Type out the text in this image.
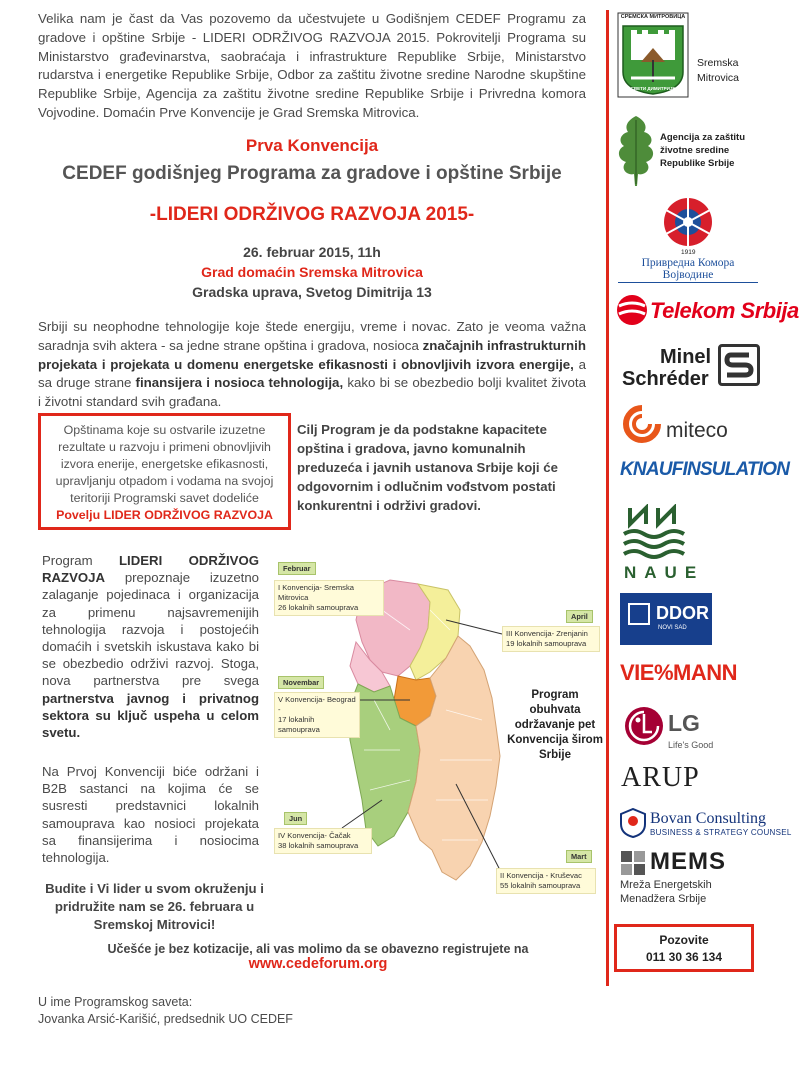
Velika nam je čast da Vas pozovemo da učestvujete u Godišnjem CEDEF Programu za gradove i opštine Srbije - LIDERI ODRŽIVOG RAZVOJA 2015. Pokrovitelji Programa su Ministarstvo građevinarstva, saobraćaja i infrastrukture Republike Srbije, Ministarstvo rudarstva i energetike Republike Srbije, Odbor za zaštitu životne sredine Narodne skupštine Republike Srbije, Agencija za zaštitu životne sredine Republike Srbije i Privredna komora Vojvodine. Domaćin Prve Konvencije je Grad Sremska Mitrovica.

Prva Konvencija
CEDEF godišnjeg Programa za gradove i opštine Srbije
-LIDERI ODRŽIVOG RAZVOJA 2015-
26. februar 2015, 11h
Grad domaćin Sremska Mitrovica
Gradska uprava, Svetog Dimitrija 13

Srbiji su neophodne tehnologije koje štede energiju, vreme i novac. Zato je veoma važna saradnja svih aktera - sa jedne strane opština i gradova, nosioca značajnih infrastrukturnih projekata i projekata u domenu energetske efikasnosti i obnovljivih izvora energije, a sa druge strane finansijera i nosioca tehnologija, kako bi se obezbedio bolji kvalitet života i životni standard svih građana.

Opštinama koje su ostvarile izuzetne rezultate u razvoju i primeni obnovljivih izvora enerije, energetske efikasnosti, upravljanju otpadom i vodama na svojoj teritoriji Programski savet dodeliće
Povelju LIDER ODRŽIVOG RAZVOJA

Cilj Program je da podstakne kapacitete opština i gradova, javno komunalnih preduzeća i javnih ustanova Srbije koji će odgovornim i odlučnim vođstvom postati konkurentni i održivi gradovi.

Program LIDERI ODRŽIVOG RAZVOJA prepoznaje izuzetno zalaganje pojedinaca i organizacija za primenu najsavremenijih tehnologija razvoja i postojećih domaćih i svetskih iskustava kako bi se obezbedio održivi razvoj. Stoga, nova partnerstva pre svega partnerstva javnog i privatnog sektora su ključ uspeha u celom svetu.

Na Prvoj Konvenciji biće održani i B2B sastanci na kojima će se susresti predstavnici lokalnih samouprava kao nosioci projekata sa finansijerima i nosiocima tehnologija.

Budite i Vi lider u svom okruženju i pridružite nam se 26. februara u Sremskoj Mitrovici!

Učešće je bez kotizacije, ali vas molimo da se obavezno registrujete na www.cedeforum.org

U ime Programskog saveta:
Jovanka Arsić-Karišić, predsednik UO CEDEF
Februar
I Konvencija- Sremska Mitrovica
26 lokalnih samouprava
April
III Konvencija- Zrenjanin
19 lokalnih samouprava
Novembar
V Konvencija- Beograd -
17 lokalnih samouprava
Jun
IV Konvencija- Čačak
38 lokalnih samouprava
Mart
II Konvencija - Kruševac
55 lokalnih samouprava

Program obuhvata održavanje pet Konvencija širom Srbije

СРЕМСКА МИТРОВИЦА
СВЕТИ ДИМИТРИЈЕ
Sremska
Mitrovica
Agencija za zaštitu
životne sredine
Republike Srbije
1919
Привредна Комора Војводине
Telekom Srbija
Minel
Schréder
miteco
KNAUFINSULATION
NAUE
DDOR
NOVI SAD
VIE%MANN
LG
Life's Good
ARUP
Bovan Consulting
BUSINESS & STRATEGY COUNSEL
MEMS
Mreža Energetskih
Menadžera Srbije
Pozovite
011 30 36 134
